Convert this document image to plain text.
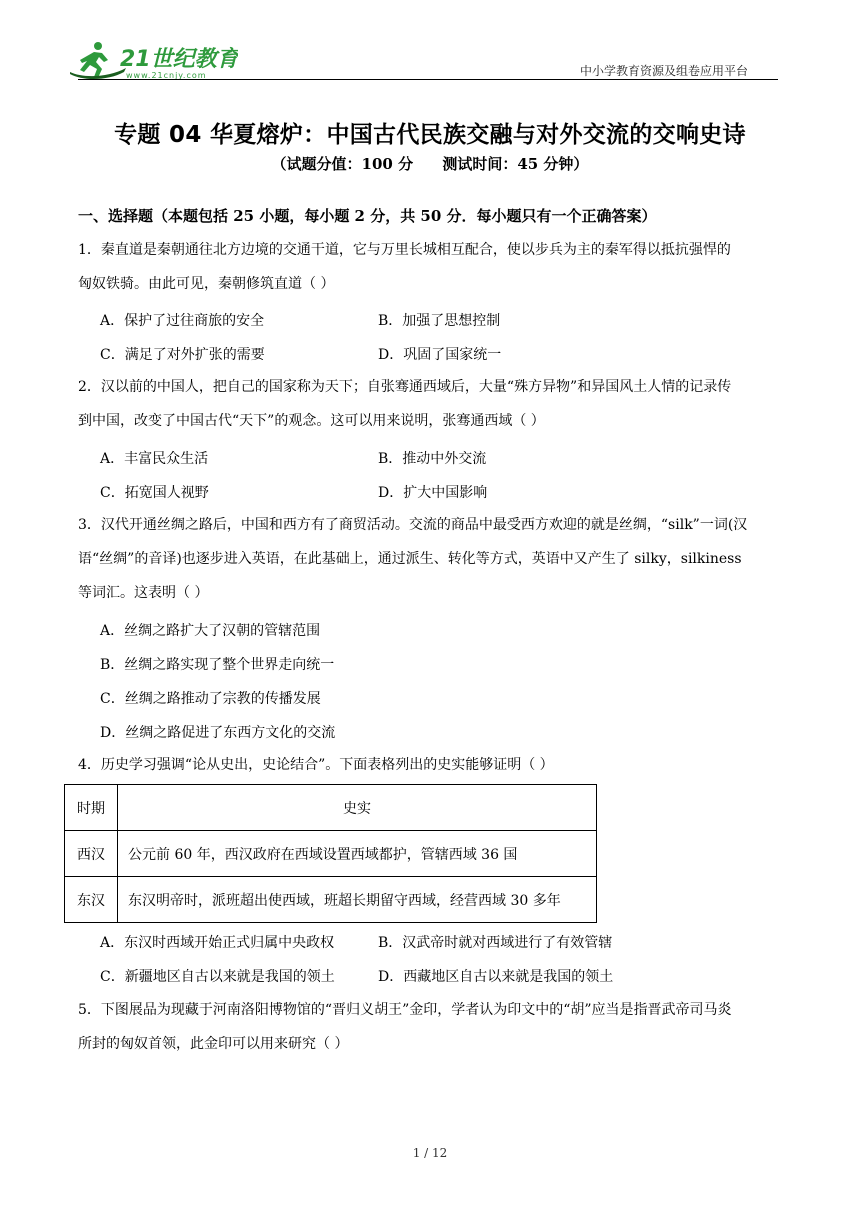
21世纪教育
www.21cnjy.com	中小学教育资源及组卷应用平台
专题 04 华夏熔炉：中国古代民族交融与对外交流的交响史诗
（试题分值：100 分 测试时间：45 分钟）
一、选择题（本题包括 25 小题，每小题 2 分，共 50 分．每小题只有一个正确答案）
1．秦直道是秦朝通往北方边境的交通干道，它与万里长城相互配合，使以步兵为主的秦军得以抵抗强悍的
匈奴铁骑。由此可见，秦朝修筑直道（ ）
A．保护了过往商旅的安全	B．加强了思想控制
C．满足了对外扩张的需要	D．巩固了国家统一
2．汉以前的中国人，把自己的国家称为天下；自张骞通西域后，大量“殊方异物”和异国风土人情的记录传
到中国，改变了中国古代“天下”的观念。这可以用来说明，张骞通西域（ ）
A．丰富民众生活	B．推动中外交流
C．拓宽国人视野	D．扩大中国影响
3．汉代开通丝绸之路后，中国和西方有了商贸活动。交流的商品中最受西方欢迎的就是丝绸，“silk”一词(汉
语“丝绸”的音译)也逐步进入英语，在此基础上，通过派生、转化等方式，英语中又产生了 silky，silkiness
等词汇。这表明（ ）
A．丝绸之路扩大了汉朝的管辖范围
B．丝绸之路实现了整个世界走向统一
C．丝绸之路推动了宗教的传播发展
D．丝绸之路促进了东西方文化的交流
4．历史学习强调“论从史出，史论结合”。下面表格列出的史实能够证明（ ）
时期	史实
西汉	公元前 60 年，西汉政府在西域设置西域都护，管辖西域 36 国
东汉	东汉明帝时，派班超出使西域，班超长期留守西域，经营西域 30 多年
A．东汉时西域开始正式归属中央政权	B．汉武帝时就对西域进行了有效管辖
C．新疆地区自古以来就是我国的领土	D．西藏地区自古以来就是我国的领土
5．下图展品为现藏于河南洛阳博物馆的“晋归义胡王”金印，学者认为印文中的“胡”应当是指晋武帝司马炎
所封的匈奴首领，此金印可以用来研究（ ）
1 / 12
